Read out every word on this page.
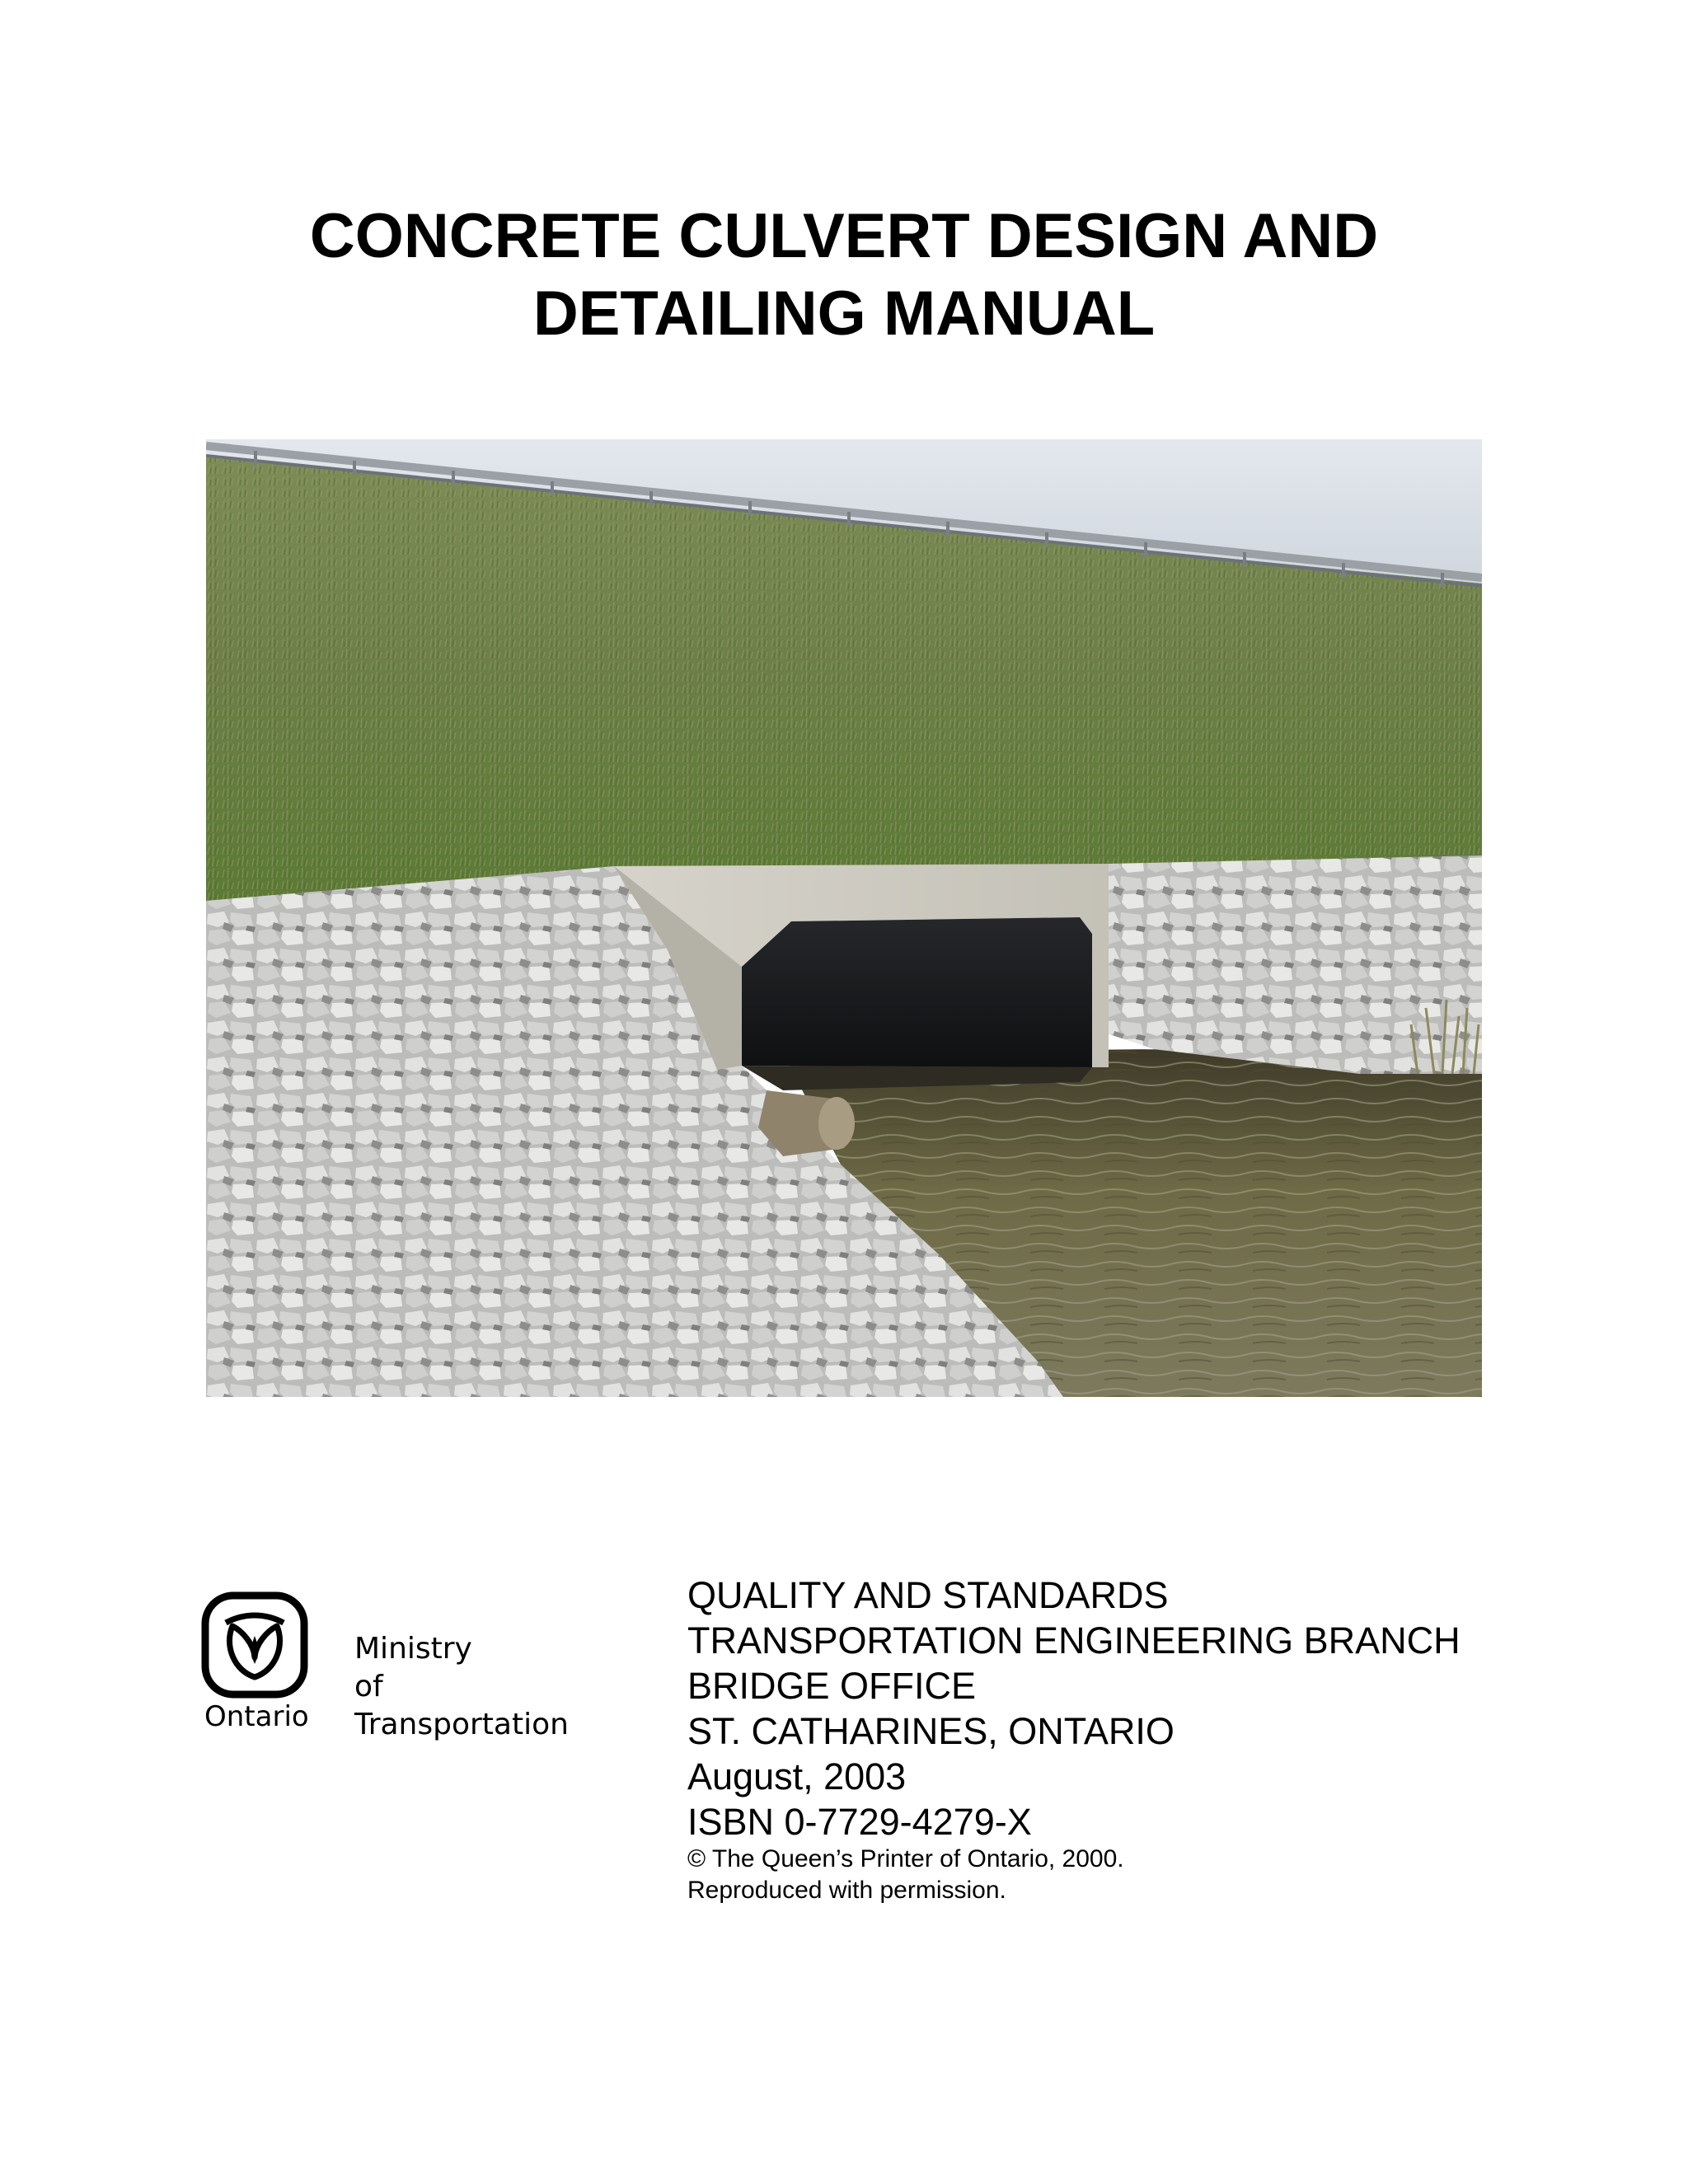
CONCRETE CULVERT DESIGN AND
DETAILING MANUAL
Ontario
Ministry
of
Transportation
QUALITY AND STANDARDS
TRANSPORTATION ENGINEERING BRANCH
BRIDGE OFFICE
ST. CATHARINES, ONTARIO
August, 2003
ISBN 0-7729-4279-X
© The Queen’s Printer of Ontario, 2000.
Reproduced with permission.
